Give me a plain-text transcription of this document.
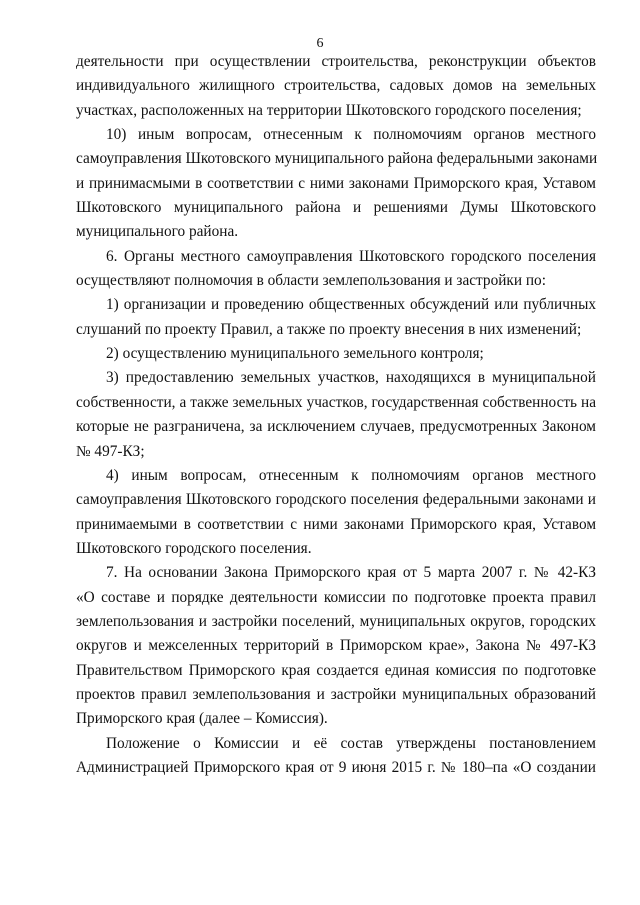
6
деятельности при осуществлении строительства, реконструкции объектов
индивидуального жилищного строительства, садовых домов на земельных
участках, расположенных на территории Шкотовского городского поселения;
10) иным вопросам, отнесенным к полномочиям органов местного
самоуправления Шкотовского муниципального района федеральными законами
и принимасмыми в соответствии с ними законами Приморского края, Уставом
Шкотовского муниципального района и решениями Думы Шкотовского
муниципального района.
6. Органы местного самоуправления Шкотовского городского поселения
осуществляют полномочия в области землепользования и застройки по:
1) организации и проведению общественных обсуждений или публичных
слушаний по проекту Правил, а также по проекту внесения в них изменений;
2) осуществлению муниципального земельного контроля;
3) предоставлению земельных участков, находящихся в муниципальной
собственности, а также земельных участков, государственная собственность на
которые не разграничена, за исключением случаев, предусмотренных Законом
№ 497-КЗ;
4) иным вопросам, отнесенным к полномочиям органов местного
самоуправления Шкотовского городского поселения федеральными законами и
принимаемыми в соответствии с ними законами Приморского края, Уставом
Шкотовского городского поселения.
7. На основании Закона Приморского края от 5 марта 2007 г. № 42-КЗ
«О составе и порядке деятельности комиссии по подготовке проекта правил
землепользования и застройки поселений, муниципальных округов, городских
округов и межселенных территорий в Приморском крае», Закона № 497-КЗ
Правительством Приморского края создается единая комиссия по подготовке
проектов правил землепользования и застройки муниципальных образований
Приморского края (далее – Комиссия).
Положение о Комиссии и её состав утверждены постановлением
Администрацией Приморского края от 9 июня 2015 г. № 180–па «О создании
